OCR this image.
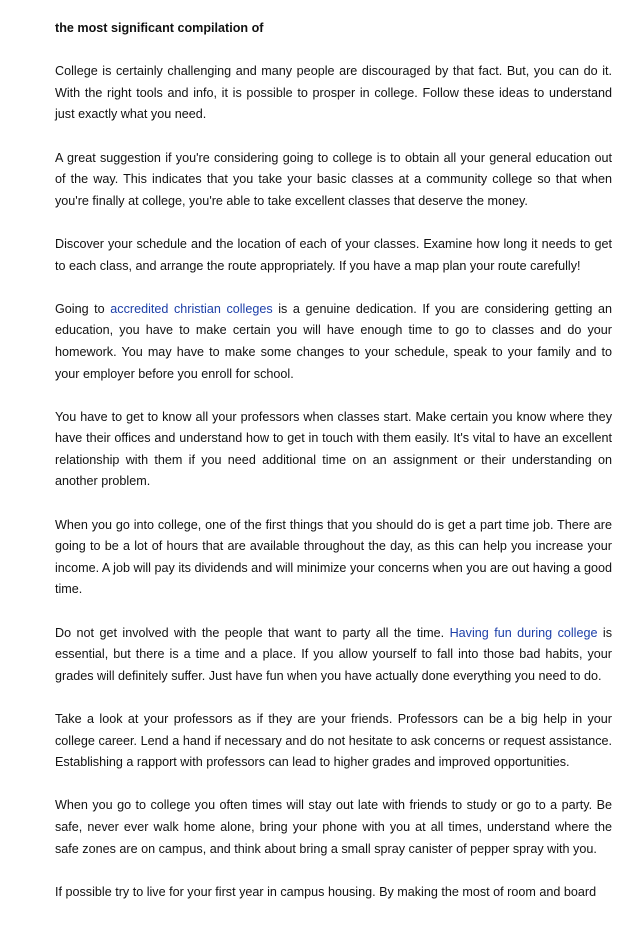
the most significant compilation of

College is certainly challenging and many people are discouraged by that fact. But, you can do it. With the right tools and info, it is possible to prosper in college. Follow these ideas to understand just exactly what you need.

A great suggestion if you're considering going to college is to obtain all your general education out of the way. This indicates that you take your basic classes at a community college so that when you're finally at college, you're able to take excellent classes that deserve the money.

Discover your schedule and the location of each of your classes. Examine how long it needs to get to each class, and arrange the route appropriately. If you have a map plan your route carefully!

Going to accredited christian colleges is a genuine dedication. If you are considering getting an education, you have to make certain you will have enough time to go to classes and do your homework. You may have to make some changes to your schedule, speak to your family and to your employer before you enroll for school.

You have to get to know all your professors when classes start. Make certain you know where they have their offices and understand how to get in touch with them easily. It's vital to have an excellent relationship with them if you need additional time on an assignment or their understanding on another problem.

When you go into college, one of the first things that you should do is get a part time job. There are going to be a lot of hours that are available throughout the day, as this can help you increase your income. A job will pay its dividends and will minimize your concerns when you are out having a good time.

Do not get involved with the people that want to party all the time. Having fun during college is essential, but there is a time and a place. If you allow yourself to fall into those bad habits, your grades will definitely suffer. Just have fun when you have actually done everything you need to do.

Take a look at your professors as if they are your friends. Professors can be a big help in your college career. Lend a hand if necessary and do not hesitate to ask concerns or request assistance. Establishing a rapport with professors can lead to higher grades and improved opportunities.

When you go to college you often times will stay out late with friends to study or go to a party. Be safe, never ever walk home alone, bring your phone with you at all times, understand where the safe zones are on campus, and think about bring a small spray canister of pepper spray with you.

If possible try to live for your first year in campus housing. By making the most of room and board
